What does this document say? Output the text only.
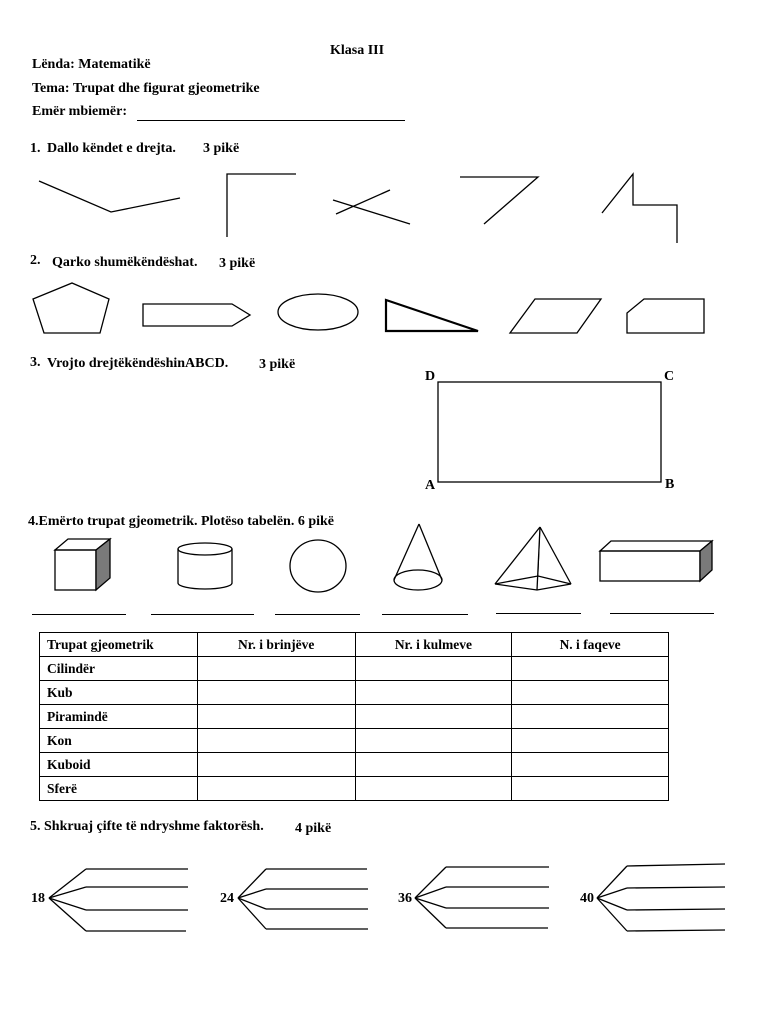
Klasa III
Lënda: Matematikë
Tema: Trupat dhe figurat gjeometrike
Emër mbiemër:
1. Dallo këndet e drejta. 3 pikë
2. Qarko shumëkëndëshat. 3 pikë
3. Vrojto drejtëkëndëshinABCD. 3 pikë
D	C
A	B
4.Emërto trupat gjeometrik. Plotëso tabelën. 6 pikë
Trupat gjeometrik	Nr. i brinjëve	Nr. i kulmeve	N. i faqeve
Cilindër			
Kub			
Piramindë			
Kon			
Kuboid			
Sferë			
5. Shkruaj çifte të ndryshme faktorësh. 4 pikë
18	24	36	40
